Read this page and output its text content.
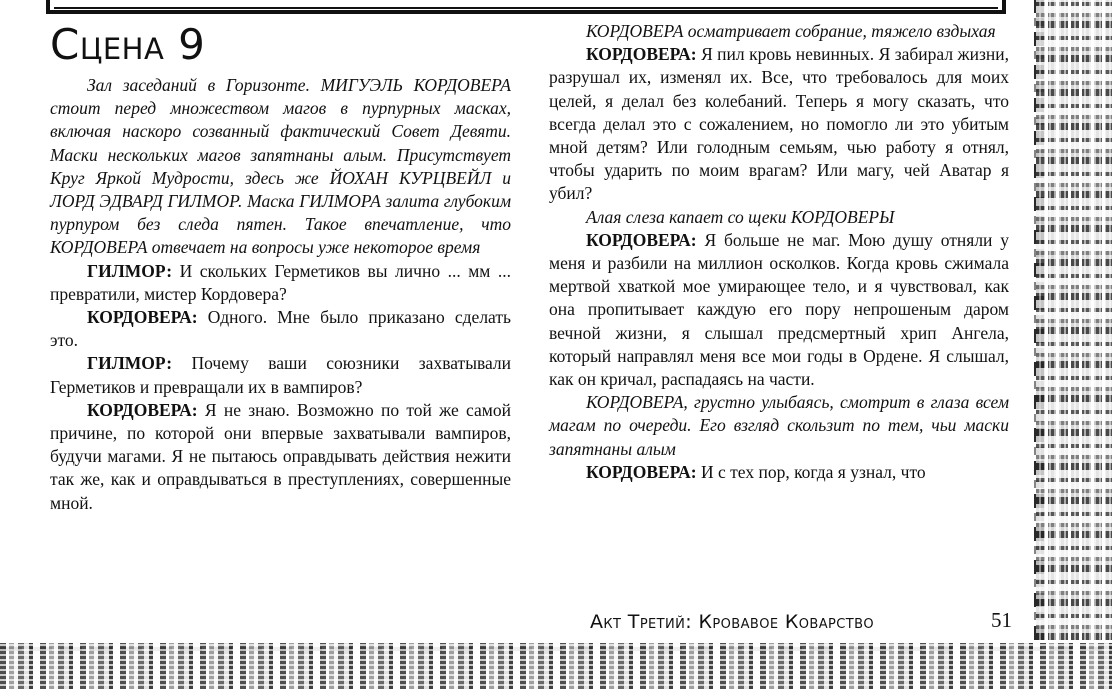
Сцена 9

Зал заседаний в Горизонте. МИГУЭЛЬ КОРДОВЕРА стоит перед множеством магов в пурпурных масках, включая наскоро созванный фактический Совет Девяти. Маски нескольких магов запятнаны алым. Присутствует Круг Яркой Мудрости, здесь же ЙОХАН КУРЦВЕЙЛ и ЛОРД ЭДВАРД ГИЛМОР. Маска ГИЛМОРА залита глубоким пурпуром без следа пятен. Такое впечатление, что КОРДОВЕРА отвечает на вопросы уже некоторое время

ГИЛМОР: И скольких Герметиков вы лично ... мм ... превратили, мистер Кордовера?

КОРДОВЕРА: Одного. Мне было приказано сделать это.

ГИЛМОР: Почему ваши союзники захватывали Герметиков и превращали их в вампиров?

КОРДОВЕРА: Я не знаю. Возможно по той же самой причине, по которой они впервые захватывали вампиров, будучи магами. Я не пытаюсь оправдывать действия нежити так же, как и оправдываться в преступлениях, совершенные мной.

КОРДОВЕРА осматривает собрание, тяжело вздыхая

КОРДОВЕРА: Я пил кровь невинных. Я забирал жизни, разрушал их, изменял их. Все, что требовалось для моих целей, я делал без колебаний. Теперь я могу сказать, что всегда делал это с сожалением, но помогло ли это убитым мной детям? Или голодным семьям, чью работу я отнял, чтобы ударить по моим врагам? Или магу, чей Аватар я убил?

Алая слеза капает со щеки КОРДОВЕРЫ

КОРДОВЕРА: Я больше не маг. Мою душу отняли у меня и разбили на миллион осколков. Когда кровь сжимала мертвой хваткой мое умирающее тело, и я чувствовал, как она пропитывает каждую его пору непрошеным даром вечной жизни, я слышал предсмертный хрип Ангела, который направлял меня все мои годы в Ордене. Я слышал, как он кричал, распадаясь на части.

КОРДОВЕРА, грустно улыбаясь, смотрит в глаза всем магам по очереди. Его взгляд скользит по тем, чьи маски запятнаны алым

КОРДОВЕРА: И с тех пор, когда я узнал, что

Акт Третий: Кровавое Коварство	51
